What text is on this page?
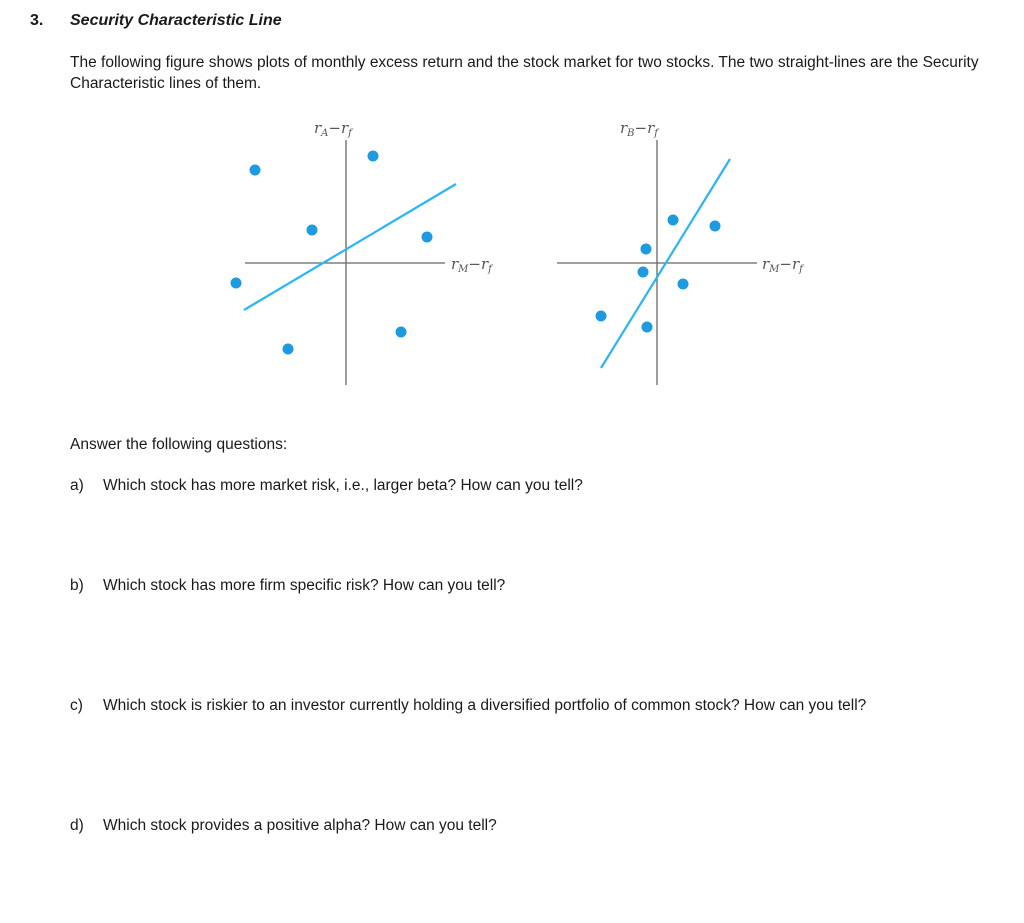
3. Security Characteristic Line
The following figure shows plots of monthly excess return and the stock market for two stocks. The two straight-lines are the Security Characteristic lines of them.
$r_A-r_f$
$r_M-r_f$
$r_B-r_f$
$r_M-r_f$
Answer the following questions:
a) Which stock has more market risk, i.e., larger beta? How can you tell?
b) Which stock has more firm specific risk? How can you tell?
c) Which stock is riskier to an investor currently holding a diversified portfolio of common stock? How can you tell?
d) Which stock provides a positive alpha? How can you tell?
